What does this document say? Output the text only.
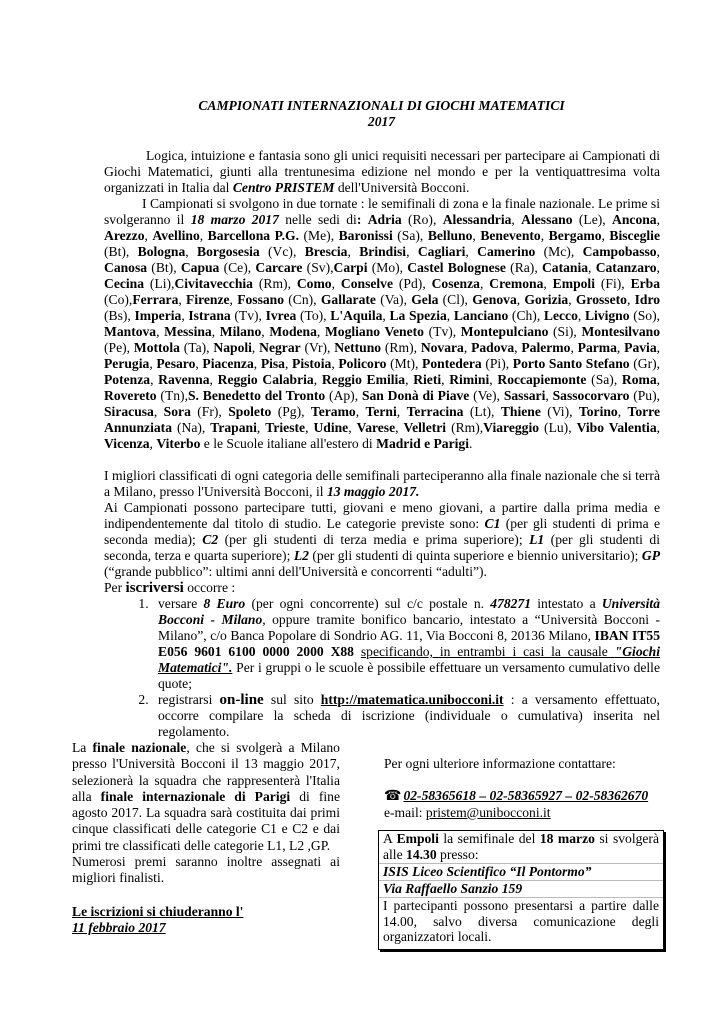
CAMPIONATI INTERNAZIONALI DI GIOCHI MATEMATICI
2017

Logica, intuizione e fantasia sono gli unici requisiti necessari per partecipare ai Campionati di Giochi Matematici, giunti alla trentunesima edizione nel mondo e per la ventiquattresima volta organizzati in Italia dal Centro PRISTEM dell'Università Bocconi.

I Campionati si svolgono in due tornate : le semifinali di zona e la finale nazionale. Le prime si svolgeranno il 18 marzo 2017 nelle sedi di: Adria (Ro), Alessandria, Alessano (Le), Ancona, Arezzo, Avellino, Barcellona P.G. (Me), Baronissi (Sa), Belluno, Benevento, Bergamo, Bisceglie (Bt), Bologna, Borgosesia (Vc), Brescia, Brindisi, Cagliari, Camerino (Mc), Campobasso, Canosa (Bt), Capua (Ce), Carcare (Sv),Carpi (Mo), Castel Bolognese (Ra), Catania, Catanzaro, Cecina (Li),Civitavecchia (Rm), Como, Conselve (Pd), Cosenza, Cremona, Empoli (Fi), Erba (Co),Ferrara, Firenze, Fossano (Cn), Gallarate (Va), Gela (Cl), Genova, Gorizia, Grosseto, Idro (Bs), Imperia, Istrana (Tv), Ivrea (To), L'Aquila, La Spezia, Lanciano (Ch), Lecco, Livigno (So), Mantova, Messina, Milano, Modena, Mogliano Veneto (Tv), Montepulciano (Si), Montesilvano (Pe), Mottola (Ta), Napoli, Negrar (Vr), Nettuno (Rm), Novara, Padova, Palermo, Parma, Pavia, Perugia, Pesaro, Piacenza, Pisa, Pistoia, Policoro (Mt), Pontedera (Pi), Porto Santo Stefano (Gr), Potenza, Ravenna, Reggio Calabria, Reggio Emilia, Rieti, Rimini, Roccapiemonte (Sa), Roma, Rovereto (Tn),S. Benedetto del Tronto (Ap), San Donà di Piave (Ve), Sassari, Sassocorvaro (Pu), Siracusa, Sora (Fr), Spoleto (Pg), Teramo, Terni, Terracina (Lt), Thiene (Vi), Torino, Torre Annunziata (Na), Trapani, Trieste, Udine, Varese, Velletri (Rm),Viareggio (Lu), Vibo Valentia, Vicenza, Viterbo e le Scuole italiane all'estero di Madrid e Parigi.

I migliori classificati di ogni categoria delle semifinali parteciperanno alla finale nazionale che si terrà a Milano, presso l'Università Bocconi, il 13 maggio 2017.

Ai Campionati possono partecipare tutti, giovani e meno giovani, a partire dalla prima media e indipendentemente dal titolo di studio. Le categorie previste sono: C1 (per gli studenti di prima e seconda media); C2 (per gli studenti di terza media e prima superiore); L1 (per gli studenti di seconda, terza e quarta superiore); L2 (per gli studenti di quinta superiore e biennio universitario); GP (“grande pubblico”: ultimi anni dell'Università e concorrenti “adulti”).

Per iscriversi occorre :

1. versare 8 Euro (per ogni concorrente) sul c/c postale n. 478271 intestato a Università Bocconi - Milano, oppure tramite bonifico bancario, intestato a “Università Bocconi - Milano”, c/o Banca Popolare di Sondrio AG. 11, Via Bocconi 8, 20136 Milano, IBAN IT55 E056 9601 6100 0000 2000 X88 specificando, in entrambi i casi la causale "Giochi Matematici". Per i gruppi o le scuole è possibile effettuare un versamento cumulativo delle quote;
2. registrarsi on-line sul sito http://matematica.unibocconi.it : a versamento effettuato, occorre compilare la scheda di iscrizione (individuale o cumulativa) inserita nel regolamento.

La finale nazionale, che si svolgerà a Milano presso l'Università Bocconi il 13 maggio 2017, selezionerà la squadra che rappresenterà l'Italia alla finale internazionale di Parigi di fine agosto 2017. La squadra sarà costituita dai primi cinque classificati delle categorie C1 e C2 e dai primi tre classificati delle categorie L1, L2 ,GP.

Numerosi premi saranno inoltre assegnati ai migliori finalisti.

Le iscrizioni si chiuderanno l'

11 febbraio 2017

Per ogni ulteriore informazione contattare:

☎ 02-58365618 – 02-58365927 – 02-58362670

e-mail: pristem@unibocconi.it

A Empoli la semifinale del 18 marzo si svolgerà alle 14.30 presso:
ISIS Liceo Scientifico “Il Pontormo”
Via Raffaello Sanzio 159
I partecipanti possono presentarsi a partire dalle 14.00, salvo diversa comunicazione degli organizzatori locali.
